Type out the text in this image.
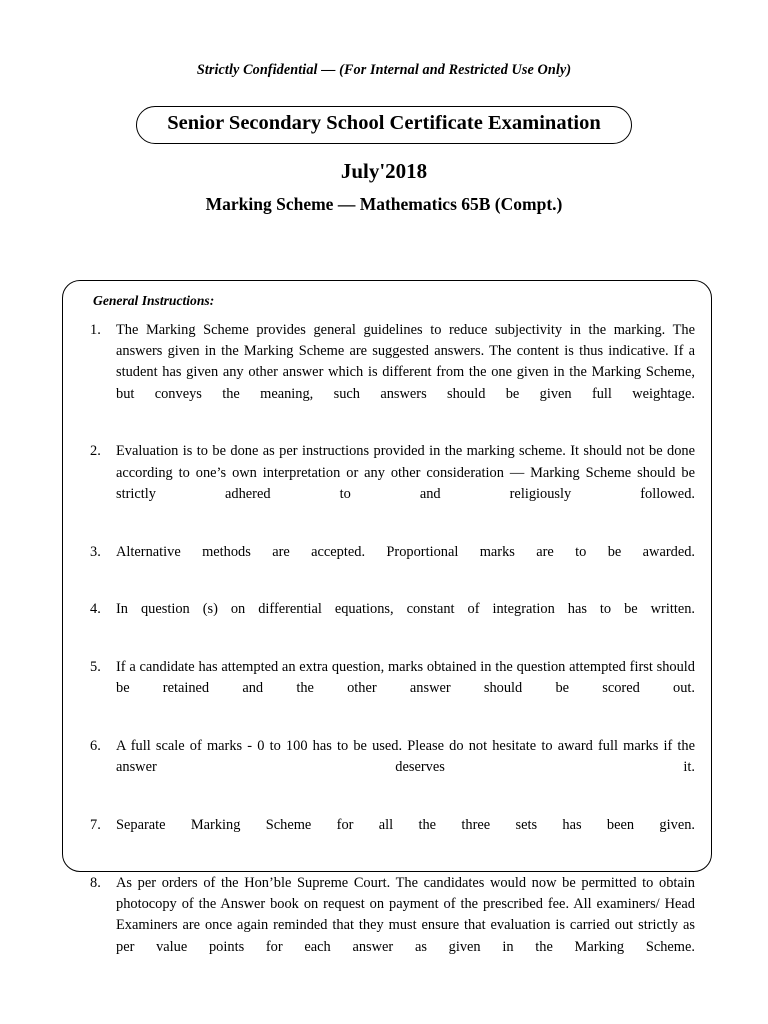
Strictly Confidential — (For Internal and Restricted Use Only)
Senior Secondary School Certificate Examination
July'2018
Marking Scheme — Mathematics 65B (Compt.)
General Instructions:
1.	The Marking Scheme provides general guidelines to reduce subjectivity in the marking. The answers given in the Marking Scheme are suggested answers. The content is thus indicative. If a student has given any other answer which is different from the one given in the Marking Scheme, but conveys the meaning, such answers should be given full weightage.
2.	Evaluation is to be done as per instructions provided in the marking scheme. It should not be done according to one’s own interpretation or any other consideration — Marking Scheme should be strictly adhered to and religiously followed.
3.	Alternative methods are accepted. Proportional marks are to be awarded.
4.	In question (s) on differential equations, constant of integration has to be written.
5.	If a candidate has attempted an extra question, marks obtained in the question attempted first should be retained and the other answer should be scored out.
6.	A full scale of marks - 0 to 100 has to be used. Please do not hesitate to award full marks if the answer deserves it.
7.	Separate Marking Scheme for all the three sets has been given.
8.	As per orders of the Hon’ble Supreme Court. The candidates would now be permitted to obtain photocopy of the Answer book on request on payment of the prescribed fee. All examiners/ Head Examiners are once again reminded that they must ensure that evaluation is carried out strictly as per value points for each answer as given in the Marking Scheme.
